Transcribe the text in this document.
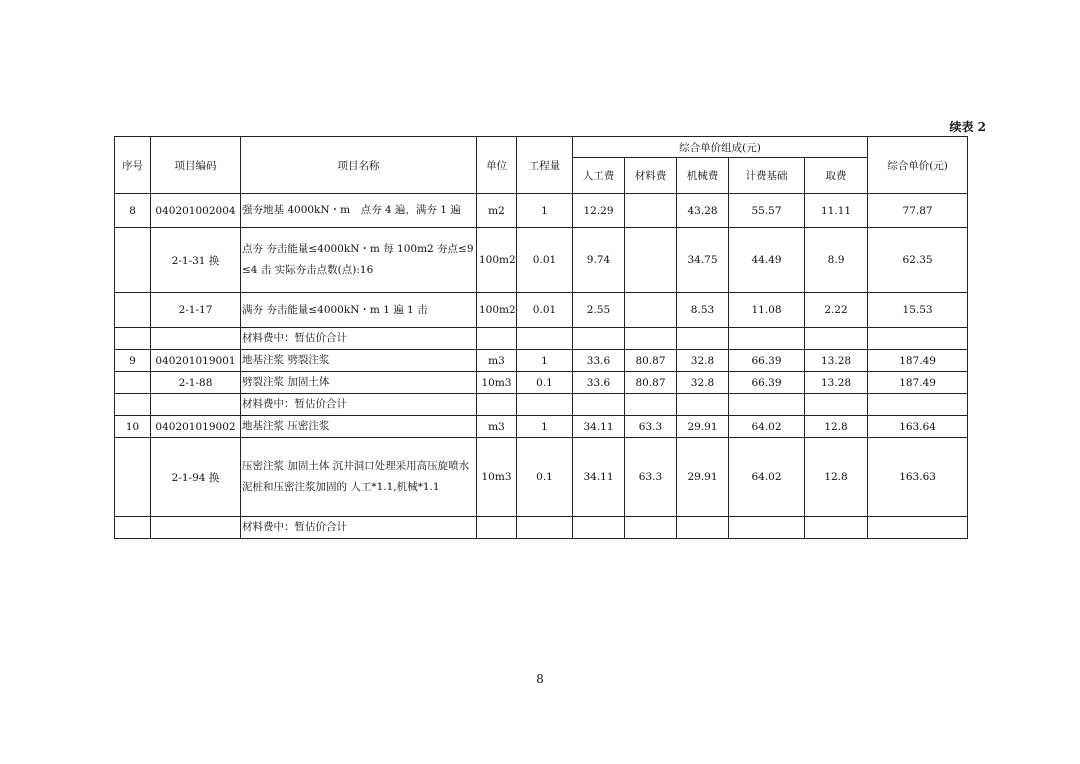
续表 2
序号	项目编码	项目名称	单位	工程量	综合单价组成(元)					综合单价(元)
					人工费	材料费	机械费	计费基础	取费	
8	040201002004	强夯地基 4000kN・m　点夯 4 遍，满夯 1 遍	m2	1	12.29		43.28	55.57	11.11	77.87
	2-1-31 换	点夯 夯击能量≤4000kN・m 每 100m2 夯点≤9 ≤4 击 实际夯击点数(点):16	100m2	0.01	9.74		34.75	44.49	8.9	62.35
	2-1-17	满夯 夯击能量≤4000kN・m 1 遍 1 击	100m2	0.01	2.55		8.53	11.08	2.22	15.53
		材料费中：暂估价合计								
9	040201019001	地基注浆 劈裂注浆	m3	1	33.6	80.87	32.8	66.39	13.28	187.49
	2-1-88	劈裂注浆 加固土体	10m3	0.1	33.6	80.87	32.8	66.39	13.28	187.49
		材料费中：暂估价合计								
10	040201019002	地基注浆 压密注浆	m3	1	34.11	63.3	29.91	64.02	12.8	163.64
	2-1-94 换	压密注浆 加固土体 沉井洞口处理采用高压旋喷水泥桩和压密注浆加固的 人工*1.1,机械*1.1	10m3	0.1	34.11	63.3	29.91	64.02	12.8	163.63
		材料费中：暂估价合计								
8
